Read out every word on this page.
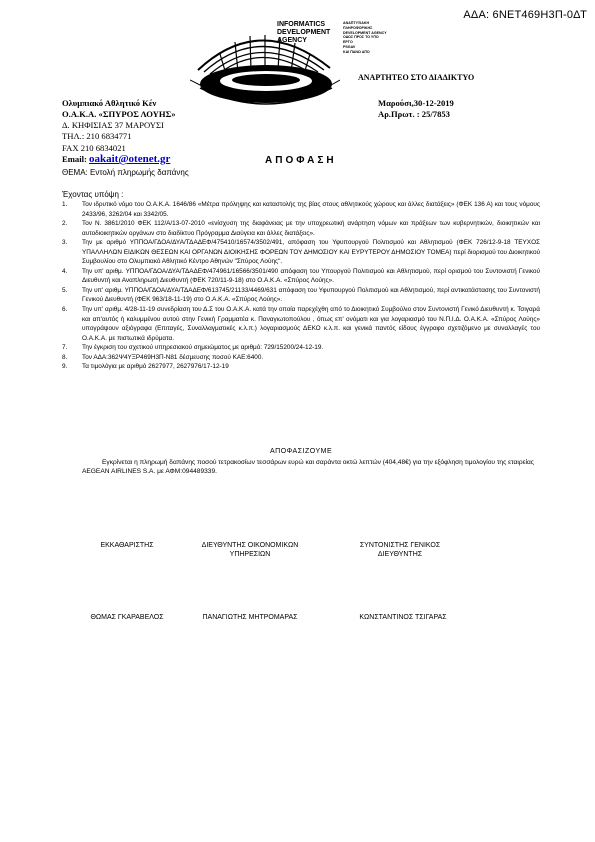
ΑΔΑ: 6ΝΕΤ469Η3Π-0ΔΤ
INFORMATICS
DEVELOPMENT
AGENCY
ΑΝΑΠΤΥΞΙΑΚΗ
ΠΛΗΡΟΦΟΡΙΚΗΣ
DEVELOPMENT AGENCY
ΟΔΟΣ ΠΡΟΣ ΤΟ ΥΠΟ
ΕΡΓΟ
PSGAV
ΚΑΙ ΠΑΝΩ ΑΠΟ
ΑΝΑΡΤΗΤΕΟ ΣΤΟ ΔΙΑΔΙΚΤΥΟ
Ολυμπιακό Αθλητικό Κέν
Ο.Α.Κ.Α. «ΣΠΥΡΟΣ ΛΟΥΗΣ»
Δ. ΚΗΦΙΣΙΑΣ 37 ΜΑΡΟΥΣΙ
ΤΗΛ.: 210 6834771
FAX 210 6834021
Email: oakait@otenet.gr
Μαρούσι,30-12-2019
Αρ.Πρωτ. : 25/7853
ΑΠΟΦΑΣΗ
ΘΕΜΑ: Εντολή πληρωμής δαπάνης
Έχοντας υπόψη :
1.	Τον ιδρυτικό νόμο του Ο.Α.Κ.Α. 1646/86 «Μέτρα πρόληψης και καταστολής της βίας στους αθλητικούς χώρους και άλλες διατάξεις» (ΦΕΚ 136 Α) και τους νόμους 2433/96, 3262/04 και 3342/05.
2.	Τον Ν. 3861/2010 ΦΕΚ 112/Α/13-07-2010 «ενίσχυση της διαφάνειας με την υποχρεωτική ανάρτηση νόμων και πράξεων των κυβερνητικών, διοικητικών και αυτοδιοικητικών οργάνων στο διαδίκτυο Πρόγραμμα Διαύγεια και άλλες διατάξεις».
3.	Την με αριθμό ΥΠΠΟΑ/ΓΔΟΑ/ΔΥΑ/ΤΔΑΔΕΦ/475410/16574/3502/491, απόφαση του Υφυπουργού Πολιτισμού και Αθλητισμού (ΦΕΚ 726/12-9-18 ΤΕΥΧΟΣ ΥΠΑΛΛΗΛΩΝ ΕΙΔΙΚΩΝ ΘΕΣΕΩΝ ΚΑΙ ΟΡΓΑΝΩΝ ΔΙΟΙΚΗΣΗΣ ΦΟΡΕΩΝ ΤΟΥ ΔΗΜΟΣΙΟΥ ΚΑΙ ΕΥΡΥΤΕΡΟΥ ΔΗΜΟΣΙΟΥ ΤΟΜΕΑ) περί διορισμού του Διοικητικού Συμβουλίου στο Ολυμπιακό Αθλητικό Κέντρο Αθηνών "Σπύρος Λούης".
4.	Την υπ' αριθμ. ΥΠΠΟΑ/ΓΔΟΑ/ΔΥΑ/ΤΔΑΔΕΦ/474961/16566/3501/490 απόφαση του Υπουργού Πολιτισμού και Αθλητισμού, περί ορισμού του Συντονιστή Γενικού Διευθυντή και Αναπληρωτή Διευθυντή (ΦΕΚ 720/11-9-18) στο Ο.Α.Κ.Α. «Σπύρος Λούης».
5.	Την υπ' αριθμ. ΥΠΠΟΑ/ΓΔΟΑ/ΔΥΑ/ΤΔΑΔΕΦ/613745/21133/4469/631 απόφαση του Υφυπουργού Πολιτισμού και Αθλητισμού, περί αντικατάστασης του Συντονιστή Γενικού Διευθυντή (ΦΕΚ 963/18-11-19) στο Ο.Α.Κ.Α. «Σπύρος Λούης».
6.	Την υπ' αριθμ. 4/28-11-19 συνεδρίαση του Δ.Σ του Ο.Α.Κ.Α. κατά την οποία παρεχέχθη από το Διοικητικό Συμβούλιο στον Συντονιστή Γενικό Διευθυντή κ. Τσιγαρά και απ'αυτός ή καλυμμένου αυτού στην Γενική Γραμματέα κ. Παναγιωτοπούλου , όπως επ' ονόματι και για λογαριασμό του Ν.Π.Ι.Δ. Ο.Α.Κ.Α. «Σπύρος Λούης» υπογράψουν αξιόγραφα (Επιταγές, Συναλλαγματικές κ.λ.π.) λογαριασμούς ΔΕΚΟ κ.λ.π. και γενικά παντός είδους έγγραφο σχετιζόμενο με συναλλαγές του Ο.Α.Κ.Α. με πιστωτικά ιδρύματα.
7.	Την έγκριση του σχετικού υπηρεσιακού σημειώματος με αριθμό: 729/15200/24-12-19.
8.	Τον ΑΔΑ:362Ψ4ΥΞΡ469Η3Π-Ν81 δέσμευσης ποσού ΚΑΕ:6400.
9.	Τα τιμολόγια με αριθμό 2627977, 2627976/17-12-19
ΑΠΟΦΑΣΙΖΟΥΜΕ
Εγκρίνεται η πληρωμή δαπάνης ποσού τετρακοσίων τεσσάρων ευρώ και σαράντα οκτώ λεπτών (404,48€) για την εξόφληση τιμολογίου της εταιρείας AEGEAN AIRLINES S.A. με ΑΦΜ:094489339.
ΕΚΚΑΘΑΡΙΣΤΗΣ	ΔΙΕΥΘΥΝΤΗΣ ΟΙΚΟΝΟΜΙΚΩΝ
ΥΠΗΡΕΣΙΩΝ
ΣΥΝΤΟΝΙΣΤΗΣ ΓΕΝΙΚΟΣ
ΔΙΕΥΘΥΝΤΗΣ
ΘΩΜΑΣ ΓΚΑΡΑΒΕΛΟΣ	ΠΑΝΑΓΙΩΤΗΣ ΜΗΤΡΟΜΑΡΑΣ	ΚΩΝΣΤΑΝΤΙΝΟΣ ΤΣΙΓΑΡΑΣ
